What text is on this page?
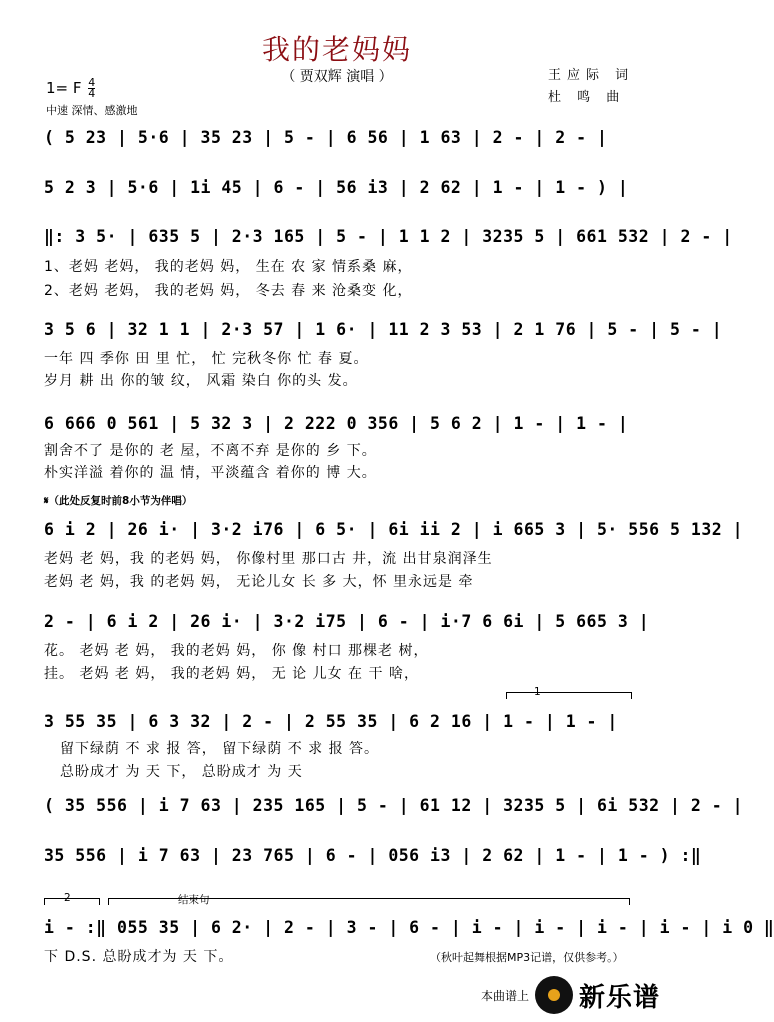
我的老妈妈
（ 贾双辉 演唱 ）	王应际 词
杜 鸣 曲
1= F $\frac{4}{4}$
中速 深情、感激地
( 5 23 | 5·6 | 35 23 | 5 - | 6 56 | 1 63 | 2 - | 2 - |
5 2 3 | 5·6 | 1i 45 | 6 - | 56 i3 | 2 62 | 1 - | 1 - ) |
‖: 3 5· | 635 5 | 2·3 165 | 5 - | 1 1 2 | 3235 5 | 661 532 | 2 - |
1、老妈 老妈， 我的老妈 妈， 生在 农 家 情系桑 麻，
2、老妈 老妈， 我的老妈 妈， 冬去 春 来 沧桑变 化，
3 5 6 | 32 1 1 | 2·3 57 | 1 6· | 11 2 3 53 | 2 1 76 | 5 - | 5 - |
一年 四 季你 田 里 忙， 忙 完秋冬你 忙 春 夏。
岁月 耕 出 你的皱 纹， 风霜 染白 你的头 发。
6 666 0 561 | 5 32 3 | 2 222 0 356 | 5 6 2 | 1 - | 1 - |
割舍不了 是你的 老 屋，不离不弃 是你的 乡 下。
朴实洋溢 着你的 温 情，平淡蕴含 着你的 博 大。
𝄋（此处反复时前8小节为伴唱）
6 i 2 | 26 i· | 3·2 i76 | 6 5· | 6i ii 2 | i 665 3 | 5· 556 5 132 |
老妈 老 妈，我 的老妈 妈， 你像村里 那口古 井，流 出甘泉润泽生
老妈 老 妈，我 的老妈 妈， 无论儿女 长 多 大，怀 里永远是 牵
2 - | 6 i 2 | 26 i· | 3·2 i75 | 6 - | i·7 6 6i | 5 665 3 |
花。 老妈 老 妈， 我的老妈 妈， 你 像 村口 那棵老 树，
挂。 老妈 老 妈， 我的老妈 妈， 无 论 儿女 在 干 啥，
1
3 55 35 | 6 3 32 | 2 - | 2 55 35 | 6 2 16 | 1 - | 1 - |
留下绿荫 不 求 报 答， 留下绿荫 不 求 报 答。
总盼成才 为 天 下， 总盼成才 为 天
( 35 556 | i 7 63 | 235 165 | 5 - | 61 12 | 3235 5 | 6i 532 | 2 - |
35 556 | i 7 63 | 23 765 | 6 - | 056 i3 | 2 62 | 1 - | 1 - ) :‖
2	结束句
i - :‖ 055 35 | 6 2· | 2 - | 3 - | 6 - | i - | i - | i - | i - | i 0 ‖
下 D.S. 总盼成才为 天 下。	（秋叶起舞根据MP3记谱，仅供参考。）
本曲谱上 新乐谱
